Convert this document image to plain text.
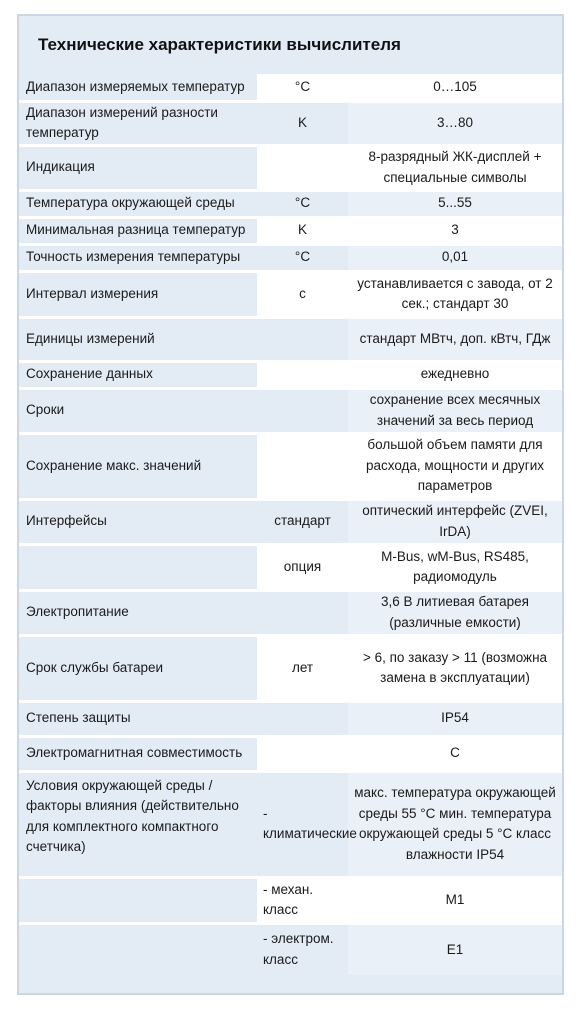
Технические характеристики вычислителя
Диапазон измеряемых температур	°C	0…105
Диапазон измерений разности температур	K	3…80
Индикация		8-разрядный ЖК-дисплей + специальные символы
Температура окружающей среды	°C	5...55
Минимальная разница температур	K	3
Точность измерения температуры	°C	0,01
Интервал измерения	с	устанавливается с завода, от 2 сек.; стандарт 30
Единицы измерений		стандарт МВтч, доп. кВтч, ГДж
Сохранение данных		ежедневно
Сроки		сохранение всех месячных значений за весь период
Сохранение макс. значений		большой объем памяти для расхода, мощности и других параметров
Интерфейсы	стандарт	оптический интерфейс (ZVEI, IrDA)
	опция	M-Bus, wM-Bus, RS485, радиомодуль
Электропитание		3,6 В литиевая батарея (различные емкости)
Срок службы батареи	лет	> 6, по заказу > 11 (возможна замена в эксплуатации)
Степень защиты		IP54
Электромагнитная совместимость		C
Условия окружающей среды / факторы влияния (действительно для комплектного компактного счетчика)	- климатические	макс. температура окружающей среды 55 °C мин. температура окружающей среды 5 °C класс влажности IP54
	- механ. класс	M1
	- электром. класс	E1
